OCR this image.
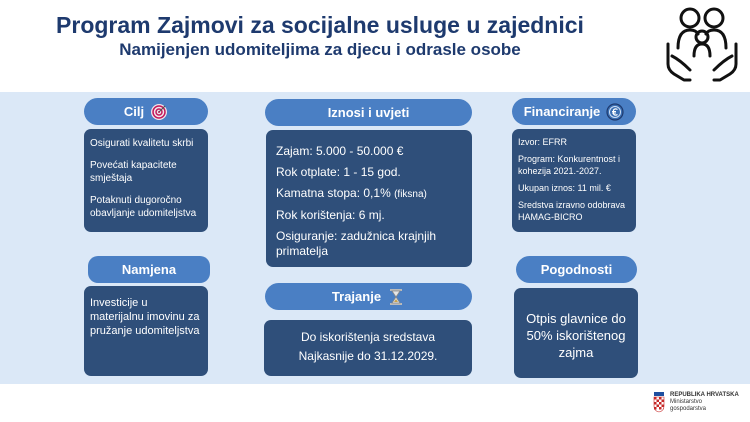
Program Zajmovi za socijalne usluge u zajednici
Namijenjen udomiteljima za djecu i odrasle osobe
Cilj
Osigurati kvalitetu skrbi
Povećati kapacitete smještaja
Potaknuti dugoročno obavljanje udomiteljstva
Iznosi i uvjeti
Zajam: 5.000 - 50.000 €
Rok otplate: 1 - 15 god.
Kamatna stopa: 0,1% (fiksna)
Rok korištenja: 6 mj.
Osiguranje: zadužnica krajnjih primatelja
Financiranje
Izvor: EFRR
Program: Konkurentnost i kohezija 2021.-2027.
Ukupan iznos: 11 mil. €
Sredstva izravno odobrava HAMAG-BICRO
Namjena
Investicije u materijalnu imovinu za pružanje udomiteljstva
Trajanje
Do iskorištenja sredstava
Najkasnije do 31.12.2029.
Pogodnosti
Otpis glavnice do 50% iskorištenog zajma
REPUBLIKA HRVATSKA
Ministarstvo
gospodarstva
